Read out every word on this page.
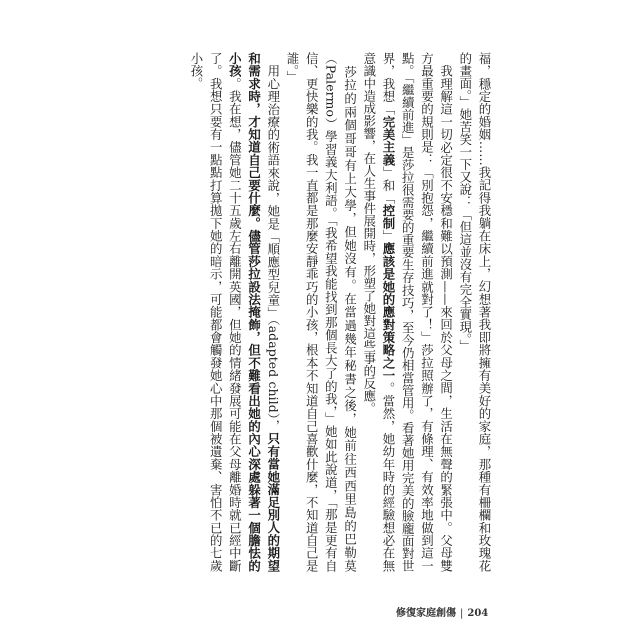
福，穩定的婚姻……我記得我躺在床上，幻想著我即將擁有美好的家庭，那種有柵欄和玫瑰花的畫面。」她苦笑一下又說：「但這並沒有完全實現。」

　我理解這一切必定很不安穩和難以預測——來回於父母之間，生活在無聲的緊張中。父母雙方最重要的規則是：「別抱怨，繼續前進就對了！」莎拉照辦了，有條理、有效率地做到這一點。「繼續前進」是莎拉很需要的重要生存技巧，至今仍相當管用。看著她用完美的臉龐面對世界，我想「完美主義」和「控制」應該是她的應對策略之一。當然，她幼年時的經驗想必在無意識中造成影響，在人生事件展開時，形塑了她對這些事的反應。

　莎拉的兩個哥哥有上大學，但她沒有。在當過幾年秘書之後，她前往西西里島的巴勒莫（Palermo）學習義大利語。「我希望我能找到那個長大了的我，」她如此說道，「那是更有自信、更快樂的我。我一直都是那麼安靜乖巧的小孩，根本不知道自己喜歡什麼，不知道自己是誰。」

　用心理治療的術語來說，她是「順應型兒童」（adapted child），只有當她滿足別人的期望和需求時，才知道自己要什麼。儘管莎拉設法掩飾，但不難看出她的內心深處躲著一個膽怯的小孩。我在想，儘管她二十五歲左右離開英國，但她的情緒發展可能在父母離婚時就已經中斷了。我想只要有一點點打算拋下她的暗示，可能都會觸發她心中那個被遺棄、害怕不已的七歲小孩。

修復家庭創傷 | 204
